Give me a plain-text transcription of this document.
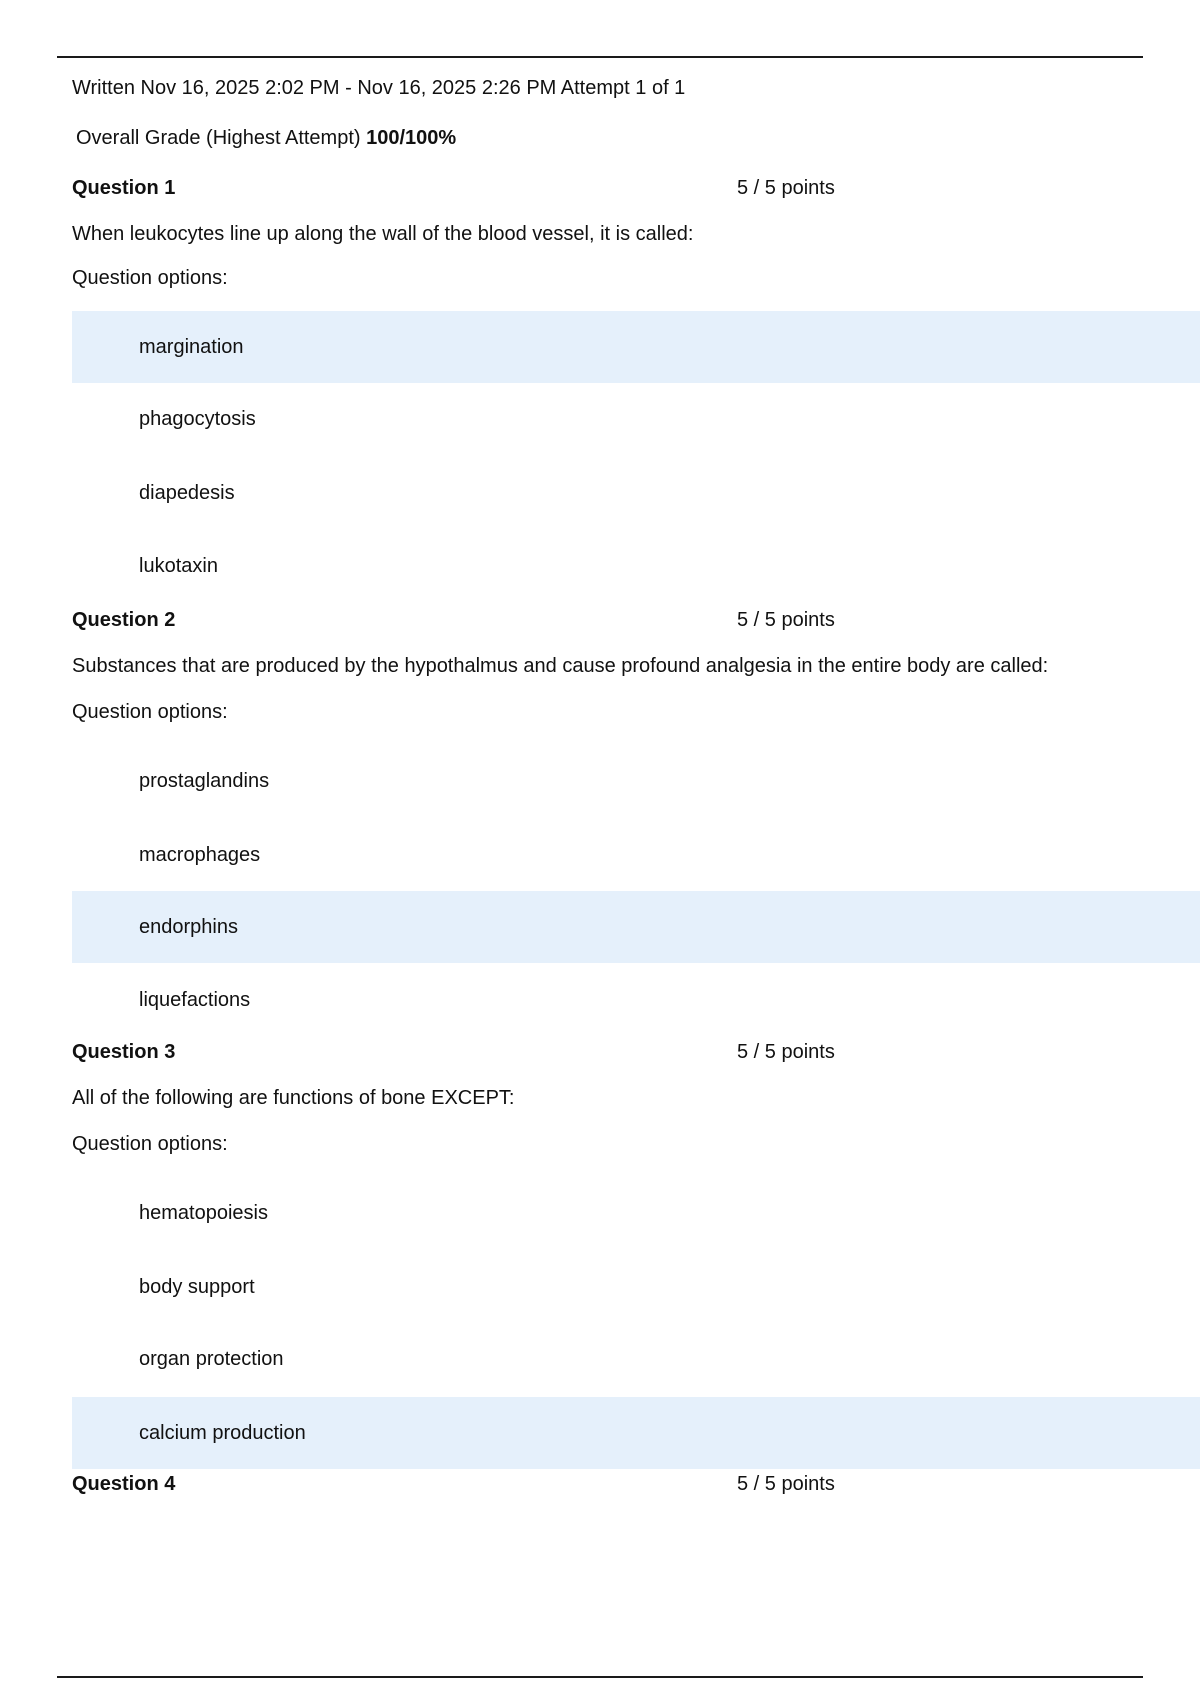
Written Nov 16, 2025 2:02 PM - Nov 16, 2025 2:26 PM Attempt 1 of 1
Overall Grade (Highest Attempt) 100/100%
Question 1	5 / 5 points
When leukocytes line up along the wall of the blood vessel, it is called:
Question options:
margination
phagocytosis
diapedesis
lukotaxin
Question 2	5 / 5 points
Substances that are produced by the hypothalmus and cause profound analgesia in the entire body are called:
Question options:
prostaglandins
macrophages
endorphins
liquefactions
Question 3	5 / 5 points
All of the following are functions of bone EXCEPT:
Question options:
hematopoiesis
body support
organ protection
calcium production
Question 4	5 / 5 points
